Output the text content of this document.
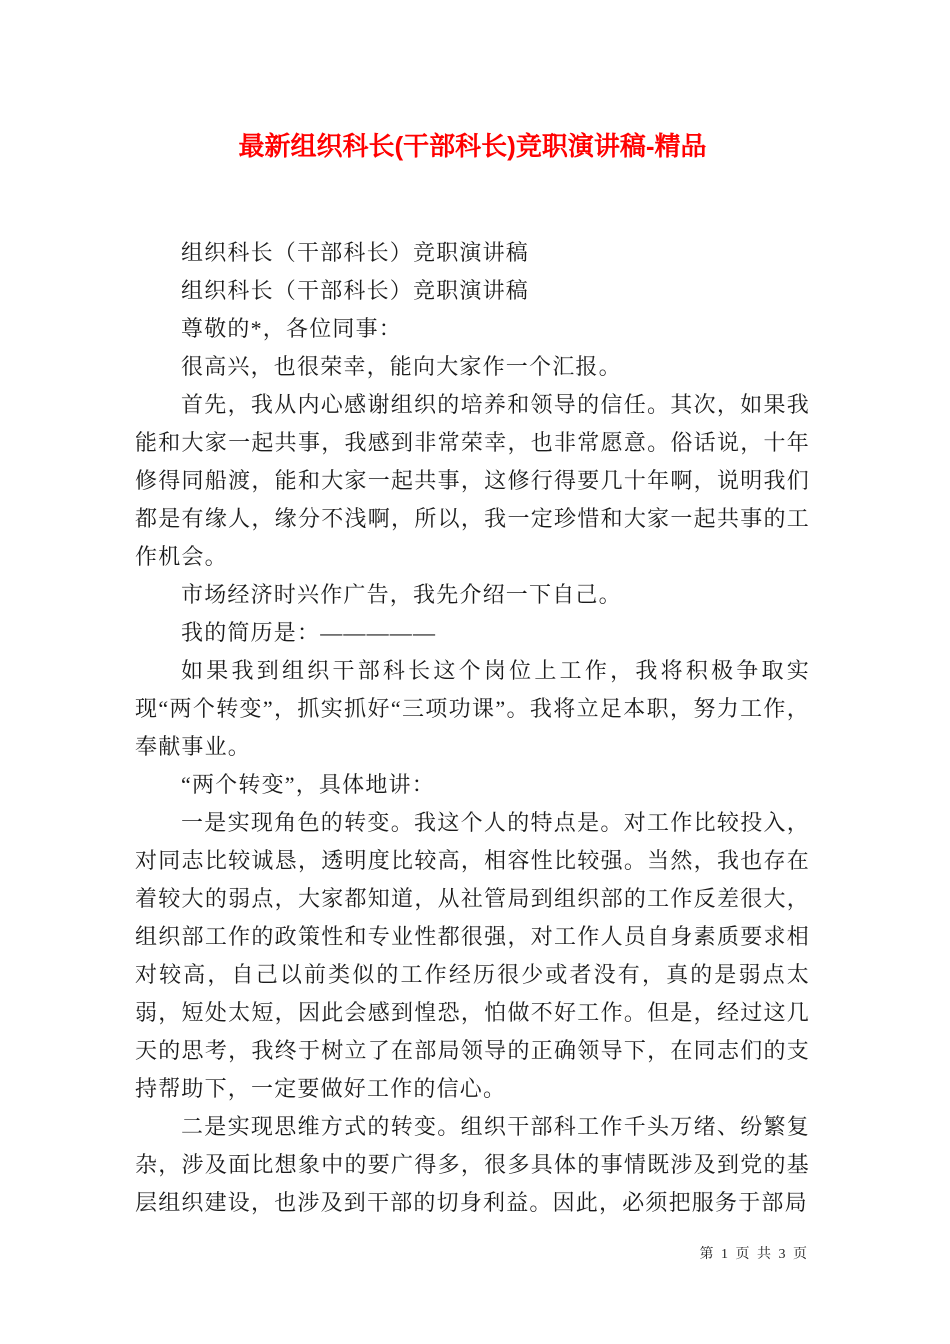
最新组织科长(干部科长)竞职演讲稿-精品

组织科长（干部科长）竞职演讲稿

组织科长（干部科长）竞职演讲稿

尊敬的*，各位同事：

很高兴，也很荣幸，能向大家作一个汇报。

首先，我从内心感谢组织的培养和领导的信任。其次，如果我能和大家一起共事，我感到非常荣幸，也非常愿意。俗话说，十年修得同船渡，能和大家一起共事，这修行得要几十年啊，说明我们都是有缘人，缘分不浅啊，所以，我一定珍惜和大家一起共事的工作机会。

市场经济时兴作广告，我先介绍一下自己。

我的简历是：—————

如果我到组织干部科长这个岗位上工作，我将积极争取实现“两个转变”，抓实抓好“三项功课”。我将立足本职，努力工作，奉献事业。

“两个转变”，具体地讲：

一是实现角色的转变。我这个人的特点是。对工作比较投入，对同志比较诚恳，透明度比较高，相容性比较强。当然，我也存在着较大的弱点，大家都知道，从社管局到组织部的工作反差很大，组织部工作的政策性和专业性都很强，对工作人员自身素质要求相对较高，自己以前类似的工作经历很少或者没有，真的是弱点太弱，短处太短，因此会感到惶恐，怕做不好工作。但是，经过这几天的思考，我终于树立了在部局领导的正确领导下，在同志们的支持帮助下，一定要做好工作的信心。

二是实现思维方式的转变。组织干部科工作千头万绪、纷繁复杂，涉及面比想象中的要广得多，很多具体的事情既涉及到党的基层组织建设，也涉及到干部的切身利益。因此，必须把服务于部局

第 1 页 共 3 页
